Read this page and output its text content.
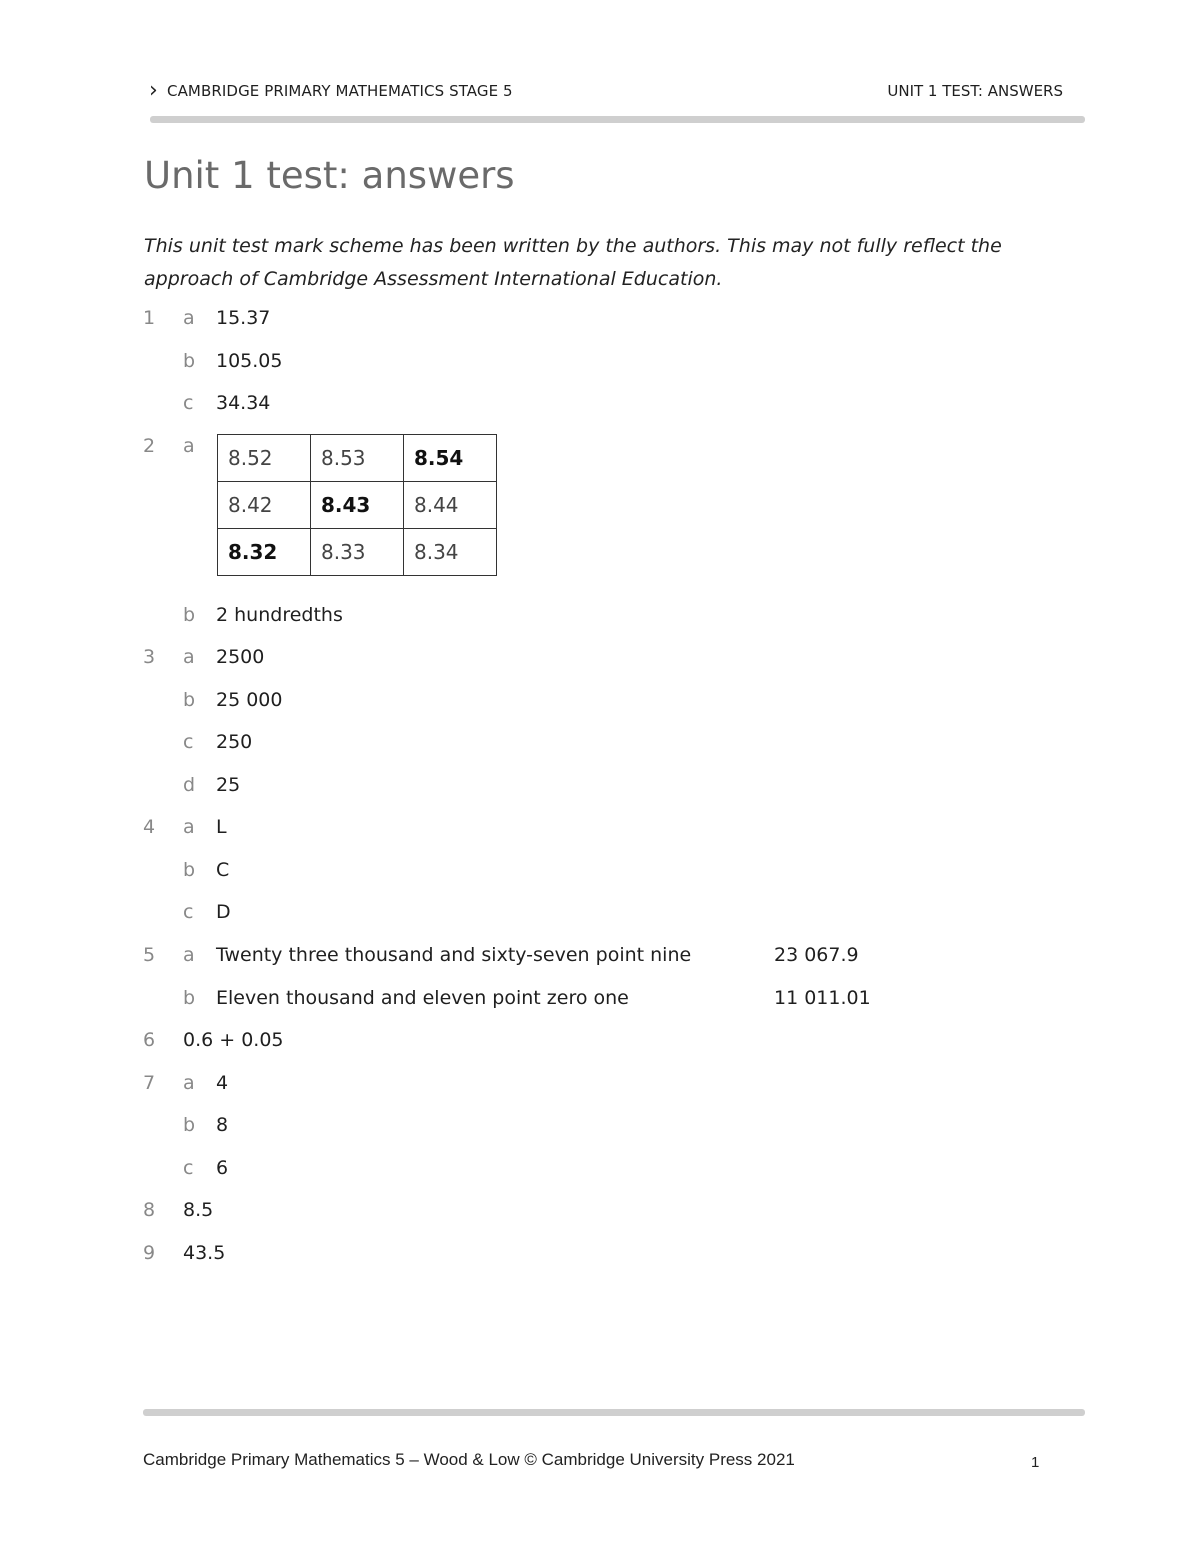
› CAMBRIDGE PRIMARY MATHEMATICS STAGE 5	UNIT 1 TEST: ANSWERS
Unit 1 test: answers
This unit test mark scheme has been written by the authors. This may not fully reflect the approach of Cambridge Assessment International Education.
1 a 15.37
b 105.05
c 34.34
2 a 8.52	8.53	8.54
8.42	8.43	8.44
8.32	8.33	8.34
b 2 hundredths
3 a 2500
b 25 000
c 250
d 25
4 a L
b C
c D
5 a Twenty three thousand and sixty-seven point nine	23 067.9
b Eleven thousand and eleven point zero one	11 011.01
6 0.6 + 0.05
7 a 4
b 8
c 6
8 8.5
9 43.5
Cambridge Primary Mathematics 5 – Wood & Low © Cambridge University Press 2021	1
